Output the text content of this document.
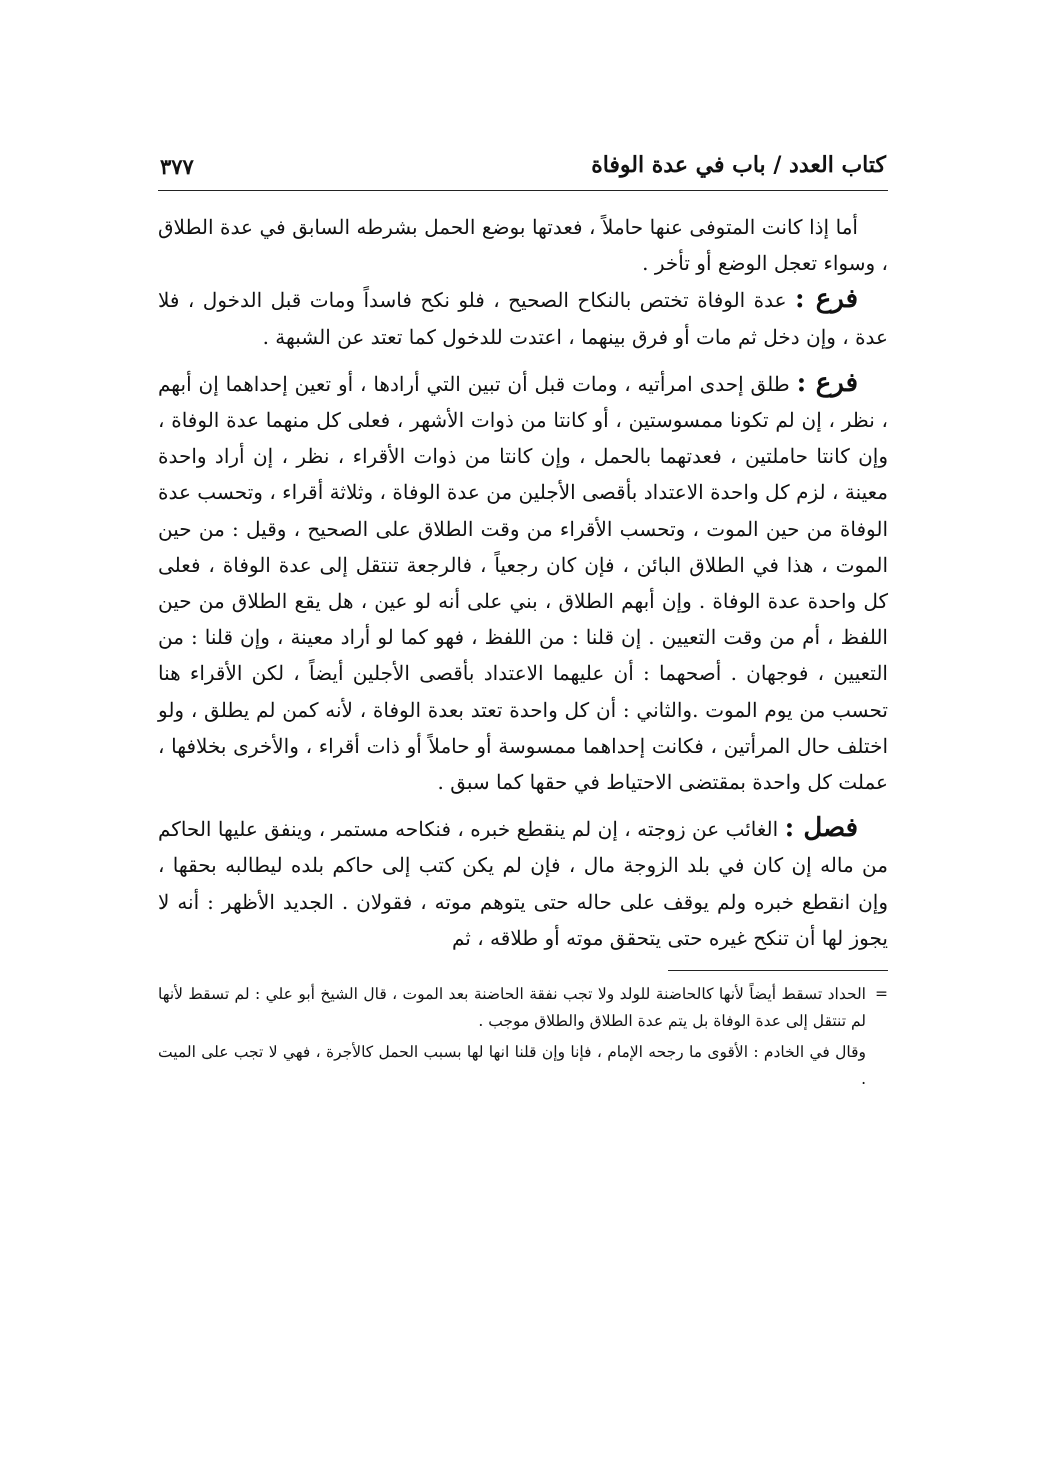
كتاب العدد / باب في عدة الوفاة
٣٧٧

أما إذا كانت المتوفى عنها حاملاً ، فعدتها بوضع الحمل بشرطه السابق في عدة الطلاق ، وسواء تعجل الوضع أو تأخر .

فرع : عدة الوفاة تختص بالنكاح الصحيح ، فلو نكح فاسداً ومات قبل الدخول ، فلا عدة ، وإن دخل ثم مات أو فرق بينهما ، اعتدت للدخول كما تعتد عن الشبهة .

فرع : طلق إحدى امرأتيه ، ومات قبل أن تبين التي أرادها ، أو تعين إحداهما إن أبهم ، نظر ، إن لم تكونا ممسوستين ، أو كانتا من ذوات الأشهر ، فعلى كل منهما عدة الوفاة ، وإن كانتا حاملتين ، فعدتهما بالحمل ، وإن كانتا من ذوات الأقراء ، نظر ، إن أراد واحدة معينة ، لزم كل واحدة الاعتداد بأقصى الأجلين من عدة الوفاة ، وثلاثة أقراء ، وتحسب عدة الوفاة من حين الموت ، وتحسب الأقراء من وقت الطلاق على الصحيح ، وقيل : من حين الموت ، هذا في الطلاق البائن ، فإن كان رجعياً ، فالرجعة تنتقل إلى عدة الوفاة ، فعلى كل واحدة عدة الوفاة . وإن أبهم الطلاق ، بني على أنه لو عين ، هل يقع الطلاق من حين اللفظ ، أم من وقت التعيين . إن قلنا : من اللفظ ، فهو كما لو أراد معينة ، وإن قلنا : من التعيين ، فوجهان . أصحهما : أن عليهما الاعتداد بأقصى الأجلين أيضاً ، لكن الأقراء هنا تحسب من يوم الموت .والثاني : أن كل واحدة تعتد بعدة الوفاة ، لأنه كمن لم يطلق ، ولو اختلف حال المرأتين ، فكانت إحداهما ممسوسة أو حاملاً أو ذات أقراء ، والأخرى بخلافها ، عملت كل واحدة بمقتضى الاحتياط في حقها كما سبق .

فصل : الغائب عن زوجته ، إن لم ينقطع خبره ، فنكاحه مستمر ، وينفق عليها الحاكم من ماله إن كان في بلد الزوجة مال ، فإن لم يكن كتب إلى حاكم بلده ليطالبه بحقها ، وإن انقطع خبره ولم يوقف على حاله حتى يتوهم موته ، فقولان . الجديد الأظهر : أنه لا يجوز لها أن تنكح غيره حتى يتحقق موته أو طلاقه ، ثم

=
الحداد تسقط أيضاً لأنها كالحاضنة للولد ولا تجب نفقة الحاضنة بعد الموت ، قال الشيخ أبو علي : لم تسقط لأنها لم تنتقل إلى عدة الوفاة بل يتم عدة الطلاق والطلاق موجب .

وقال في الخادم : الأقوى ما رجحه الإمام ، فإنا وإن قلنا انها لها بسبب الحمل كالأجرة ، فهي لا تجب على الميت .
